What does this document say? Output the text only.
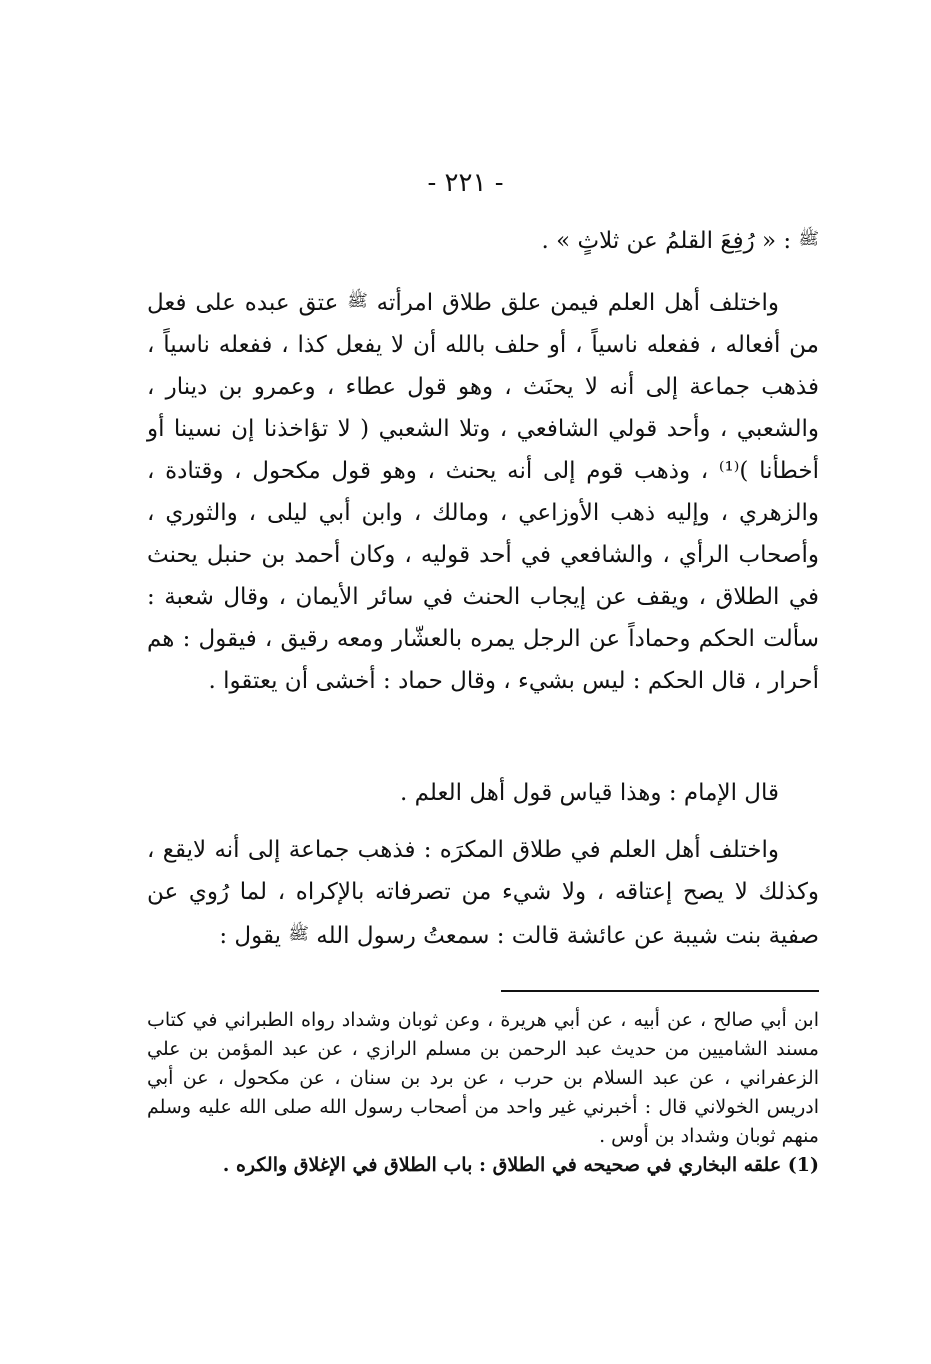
- ٢٢١ -

ﷺ : « رُفِعَ القلمُ عن ثلاثٍ » .

واختلف أهل العلم فيمن علق طلاق امرأته ﷺ عتق عبده على فعل من أفعاله ، ففعله ناسياً ، أو حلف بالله أن لا يفعل كذا ، ففعله ناسياً ، فذهب جماعة إلى أنه لا يحنَث ، وهو قول عطاء ، وعمرو بن دينار ، والشعبي ، وأحد قولي الشافعي ، وتلا الشعبي ( لا تؤاخذنا إن نسينا أو أخطأنا )⁽¹⁾ ، وذهب قوم إلى أنه يحنث ، وهو قول مكحول ، وقتادة ، والزهري ، وإليه ذهب الأوزاعي ، ومالك ، وابن أبي ليلى ، والثوري ، وأصحاب الرأي ، والشافعي في أحد قوليه ، وكان أحمد بن حنبل يحنث في الطلاق ، ويقف عن إيجاب الحنث في سائر الأيمان ، وقال شعبة : سألت الحكم وحماداً عن الرجل يمره بالعشّار ومعه رقيق ، فيقول : هم أحرار ، قال الحكم : ليس بشيء ، وقال حماد : أخشى أن يعتقوا .

قال الإمام : وهذا قياس قول أهل العلم .

واختلف أهل العلم في طلاق المكرَه : فذهب جماعة إلى أنه لايقع ، وكذلك لا يصح إعتاقه ، ولا شيء من تصرفاته بالإكراه ، لما رُوي عن صفية بنت شيبة عن عائشة قالت : سمعتُ رسول الله ﷺ يقول :

ابن أبي صالح ، عن أبيه ، عن أبي هريرة ، وعن ثوبان وشداد رواه الطبراني في كتاب مسند الشاميين من حديث عبد الرحمن بن مسلم الرازي ، عن عبد المؤمن بن علي الزعفراني ، عن عبد السلام بن حرب ، عن برد بن سنان ، عن مكحول ، عن أبي ادريس الخولاني قال : أخبرني غير واحد من أصحاب رسول الله صلى الله عليه وسلم منهم ثوبان وشداد بن أوس .

(1) علقه البخاري في صحيحه في الطلاق : باب الطلاق في الإغلاق والكره .
